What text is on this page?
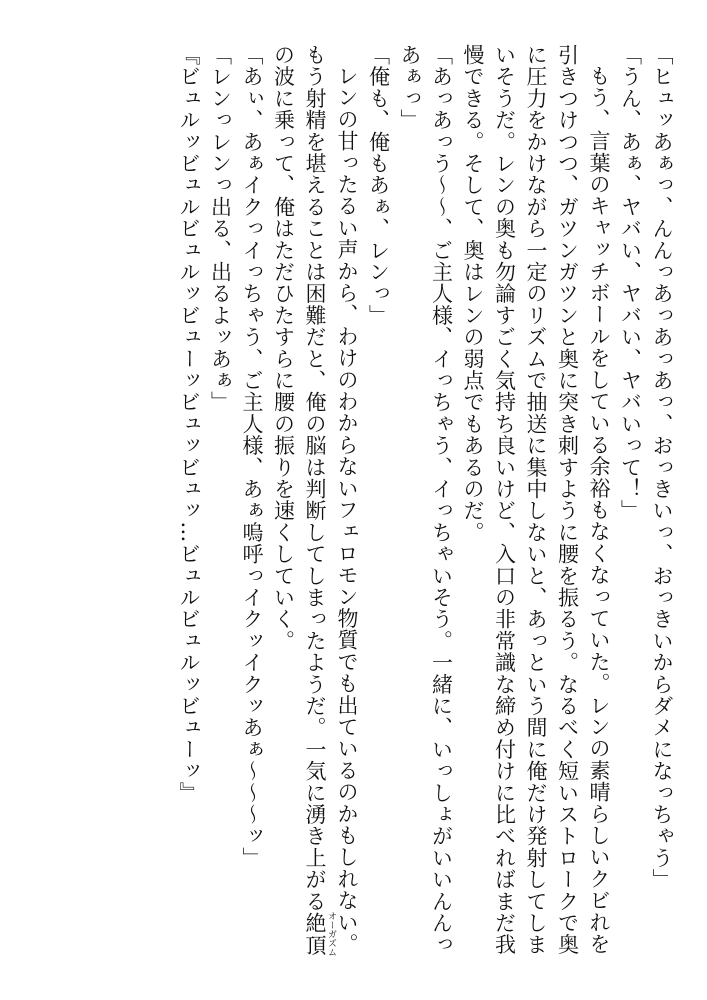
「ヒュッあぁっ、んんっあっあっあっ、おっきいっ、おっきいからダメになっちゃう」

「うん、あぁ、ヤバい、ヤバい、ヤバいって！」

もう、言葉のキャッチボールをしている余裕もなくなっていた。レンの素晴らしいクビれを引きつけつつ、ガツンガツンと奥に突き刺すように腰を振るう。なるべく短いストロークで奥に圧力をかけながら一定のリズムで抽送に集中しないと、あっという間に俺だけ発射してしまいそうだ。レンの奥も勿論すごく気持ち良いけど、入口の非常識な締め付けに比べればまだ我慢できる。そして、奥はレンの弱点でもあるのだ。

「あっあっう〜〜、ご主人様、イっちゃう、イっちゃいそう。一緒に、いっしょがいいんんっあぁっ」

「俺も、俺もあぁ、レンっ」

レンの甘ったるい声から、わけのわからないフェロモン物質でも出ているのかもしれない。もう射精を堪えることは困難だと、俺の脳は判断してしまったようだ。一気に湧き上がる絶頂 オーガズムの波に乗って、俺はただひたすらに腰の振りを速くしていく。

「あぃ、あぁイクっイっちゃう、ご主人様、あぁ嗚呼っイクッイクッあぁ〜〜〜ッ」

「レンっレンっ出る、出るよッあぁ」

『ビュルッビュルビュルッビューッビュッビュッ…ビュルビュルッビューッ』
